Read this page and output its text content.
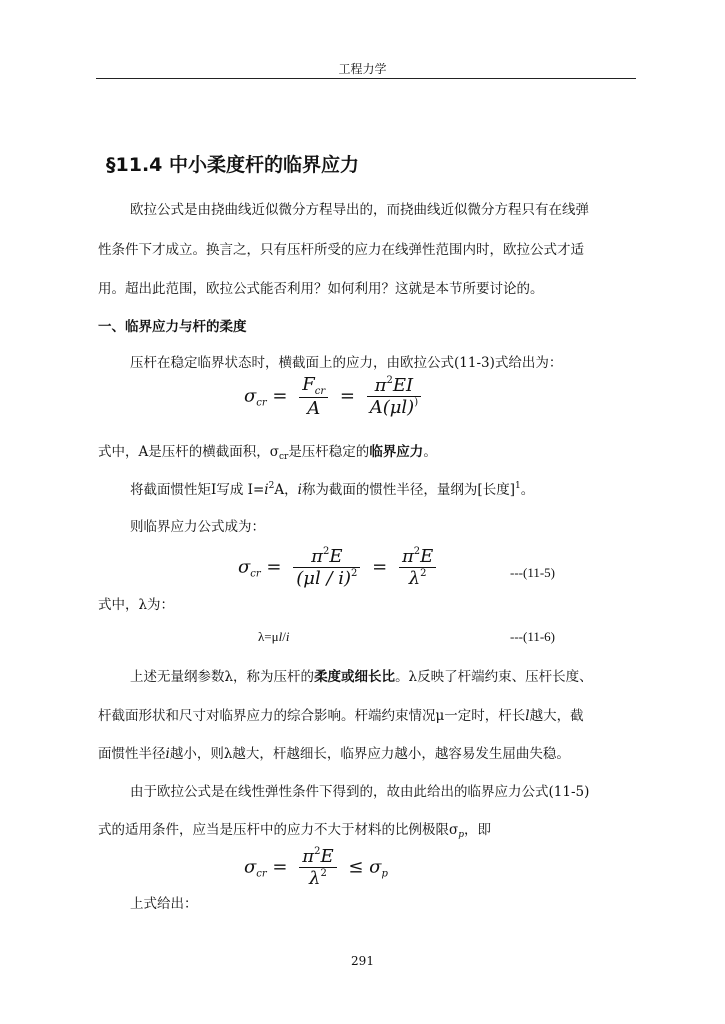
工程力学
§11.4 中小柔度杆的临界应力
欧拉公式是由挠曲线近似微分方程导出的，而挠曲线近似微分方程只有在线弹
性条件下才成立。换言之，只有压杆所受的应力在线弹性范围内时，欧拉公式才适
用。超出此范围，欧拉公式能否利用？如何利用？这就是本节所要讨论的。
一、临界应力与杆的柔度
压杆在稳定临界状态时，横截面上的应力，由欧拉公式(11-3)式给出为：
$\sigma_{cr} = \frac{F_{cr}}{A} = \frac{\pi^2EI}{A(\mu l)^)}$
式中，A是压杆的横截面积，$\sigma_{cr}$是压杆稳定的临界应力。
将截面惯性矩I写成 $I=i^2A$，i称为截面的惯性半径，量纲为[长度]$^1$。
则临界应力公式成为：
$\sigma_{cr} = \frac{\pi^2E}{(\mu l / i)^2} = \frac{\pi^2E}{\lambda^2}$	---(11-5)
式中，λ为：
λ=μl/i	---(11-6)
上述无量纲参数λ，称为压杆的柔度或细长比。λ反映了杆端约束、压杆长度、
杆截面形状和尺寸对临界应力的综合影响。杆端约束情况μ一定时，杆长l越大，截
面惯性半径i越小，则λ越大，杆越细长，临界应力越小，越容易发生屈曲失稳。
由于欧拉公式是在线性弹性条件下得到的，故由此给出的临界应力公式(11-5)
式的适用条件，应当是压杆中的应力不大于材料的比例极限$\sigma_p$，即
$\sigma_{cr} = \frac{\pi^2E}{\lambda^2} \le \sigma_p$
上式给出：
291
